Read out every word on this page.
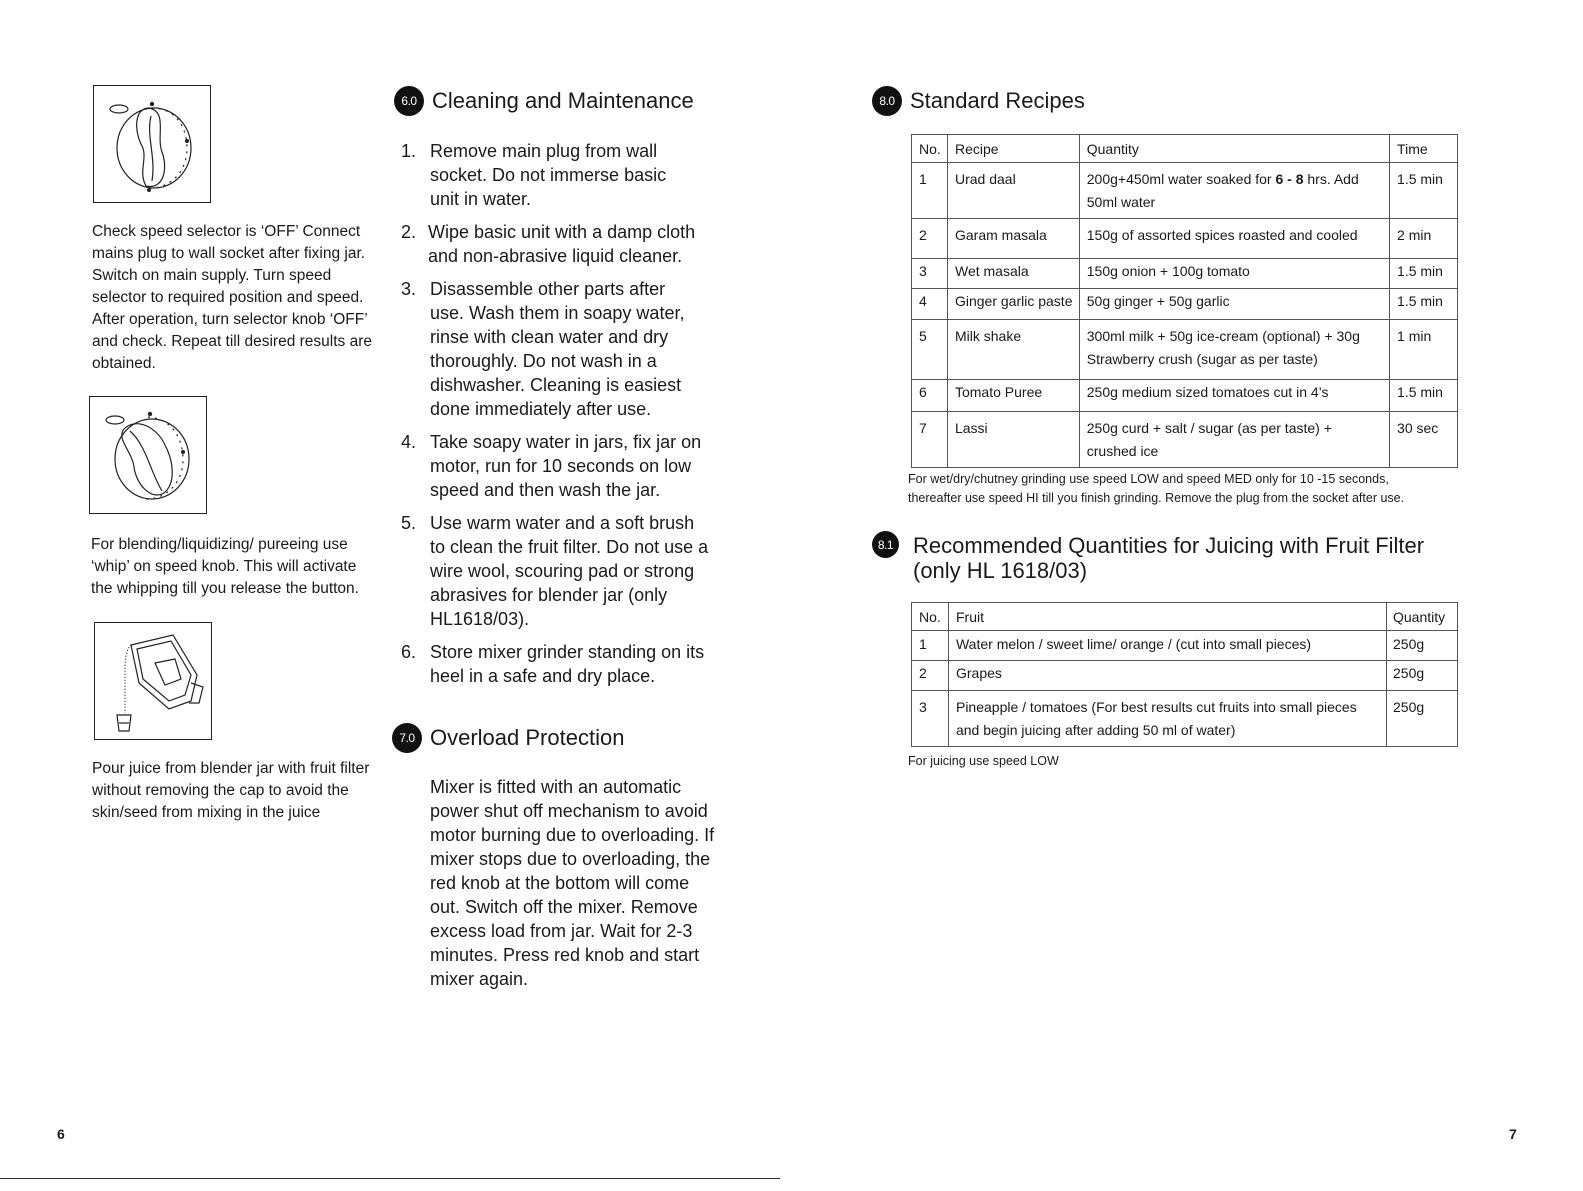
Check speed selector is ‘OFF’ Connect mains plug to wall socket after fixing jar. Switch on main supply. Turn speed selector to required position and speed. After operation, turn selector knob ‘OFF’ and check. Repeat till desired results are obtained.
For blending/liquidizing/ pureeing use ‘whip’ on speed knob. This will activate the whipping till you release the button.
Pour juice from blender jar with fruit filter without removing the cap to avoid the skin/seed from mixing in the juice
6
6.0 Cleaning and Maintenance
1. Remove main plug from wall socket. Do not immerse basic unit in water.
2. Wipe basic unit with a damp cloth and non-abrasive liquid cleaner.
3. Disassemble other parts after use. Wash them in soapy water, rinse with clean water and dry thoroughly. Do not wash in a dishwasher. Cleaning is easiest done immediately after use.
4. Take soapy water in jars, fix jar on motor, run for 10 seconds on low speed and then wash the jar.
5. Use warm water and a soft brush to clean the fruit filter. Do not use a wire wool, scouring pad or strong abrasives for blender jar (only HL1618/03).
6. Store mixer grinder standing on its heel in a safe and dry place.
7.0 Overload Protection
Mixer is fitted with an automatic power shut off mechanism to avoid motor burning due to overloading. If mixer stops due to overloading, the red knob at the bottom will come out. Switch off the mixer. Remove excess load from jar. Wait for 2-3 minutes. Press red knob and start mixer again.
8.0 Standard Recipes
No.	Recipe	Quantity	Time
1	Urad daal	200g+450ml water soaked for 6 - 8 hrs. Add 50ml water	1.5 min
2	Garam masala	150g of assorted spices roasted and cooled	2 min
3	Wet masala	150g onion + 100g tomato	1.5 min
4	Ginger garlic paste	50g ginger + 50g garlic	1.5 min
5	Milk shake	300ml milk + 50g ice-cream (optional) + 30g Strawberry crush (sugar as per taste)	1 min
6	Tomato Puree	250g medium sized tomatoes cut in 4’s	1.5 min
7	Lassi	250g curd + salt / sugar (as per taste) + crushed ice	30 sec
For wet/dry/chutney grinding use speed LOW and speed MED only for 10 -15 seconds,
thereafter use speed HI till you finish grinding. Remove the plug from the socket after use.
8.1 Recommended Quantities for Juicing with Fruit Filter
(only HL 1618/03)
No.	Fruit	Quantity
1	Water melon / sweet lime/ orange / (cut into small pieces)	250g
2	Grapes	250g
3	Pineapple / tomatoes (For best results cut fruits into small pieces and begin juicing after adding 50 ml of water)	250g
For juicing use speed LOW
7
